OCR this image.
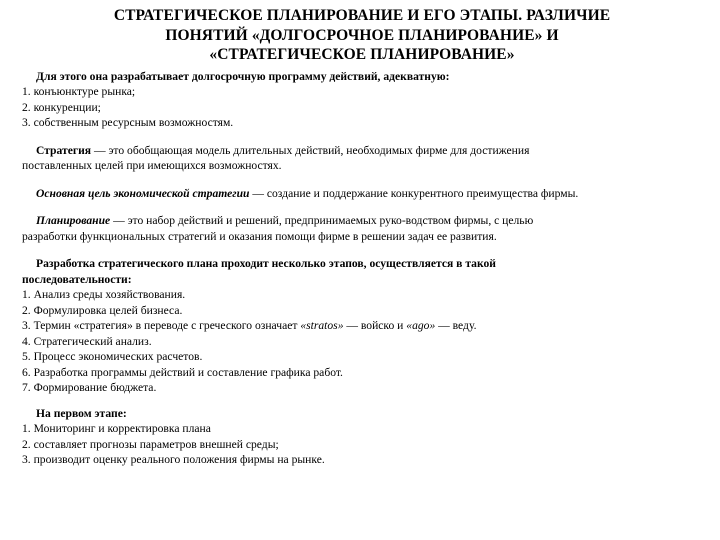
СТРАТЕГИЧЕСКОЕ ПЛАНИРОВАНИЕ И ЕГО ЭТАПЫ. РАЗЛИЧИЕ
ПОНЯТИЙ «ДОЛГОСРОЧНОЕ ПЛАНИРОВАНИЕ» И
«СТРАТЕГИЧЕСКОЕ ПЛАНИРОВАНИЕ»

Для этого она разрабатывает долгосрочную программу действий, адекватную:

1. конъюнктуре рынка;

2. конкуренции;

3. собственным ресурсным возможностям.

Стратегия — это обобщающая модель длительных действий, необходимых фирме для достижения

поставленных целей при имеющихся возможностях.

Основная цель экономической стратегии — создание и поддержание конкурентного преимущества фирмы.

Планирование — это набор действий и решений, предпринимаемых руко-водством фирмы, с целью

разработки функциональных стратегий и оказания помощи фирме в решении задач ее развития.

Разработка стратегического плана проходит несколько этапов, осуществляется в такой

последовательности:

1. Анализ среды хозяйствования.

2. Формулировка целей бизнеса.

3. Термин «стратегия» в переводе с греческого означает «stratos» — войско и «ago» — веду.

4. Стратегический анализ.

5. Процесс экономических расчетов.

6. Разработка программы действий и составление графика работ.

7. Формирование бюджета.

На первом этапе:

1. Мониторинг и корректировка плана

2. составляет прогнозы параметров внешней среды;

3. производит оценку реального положения фирмы на рынке.
